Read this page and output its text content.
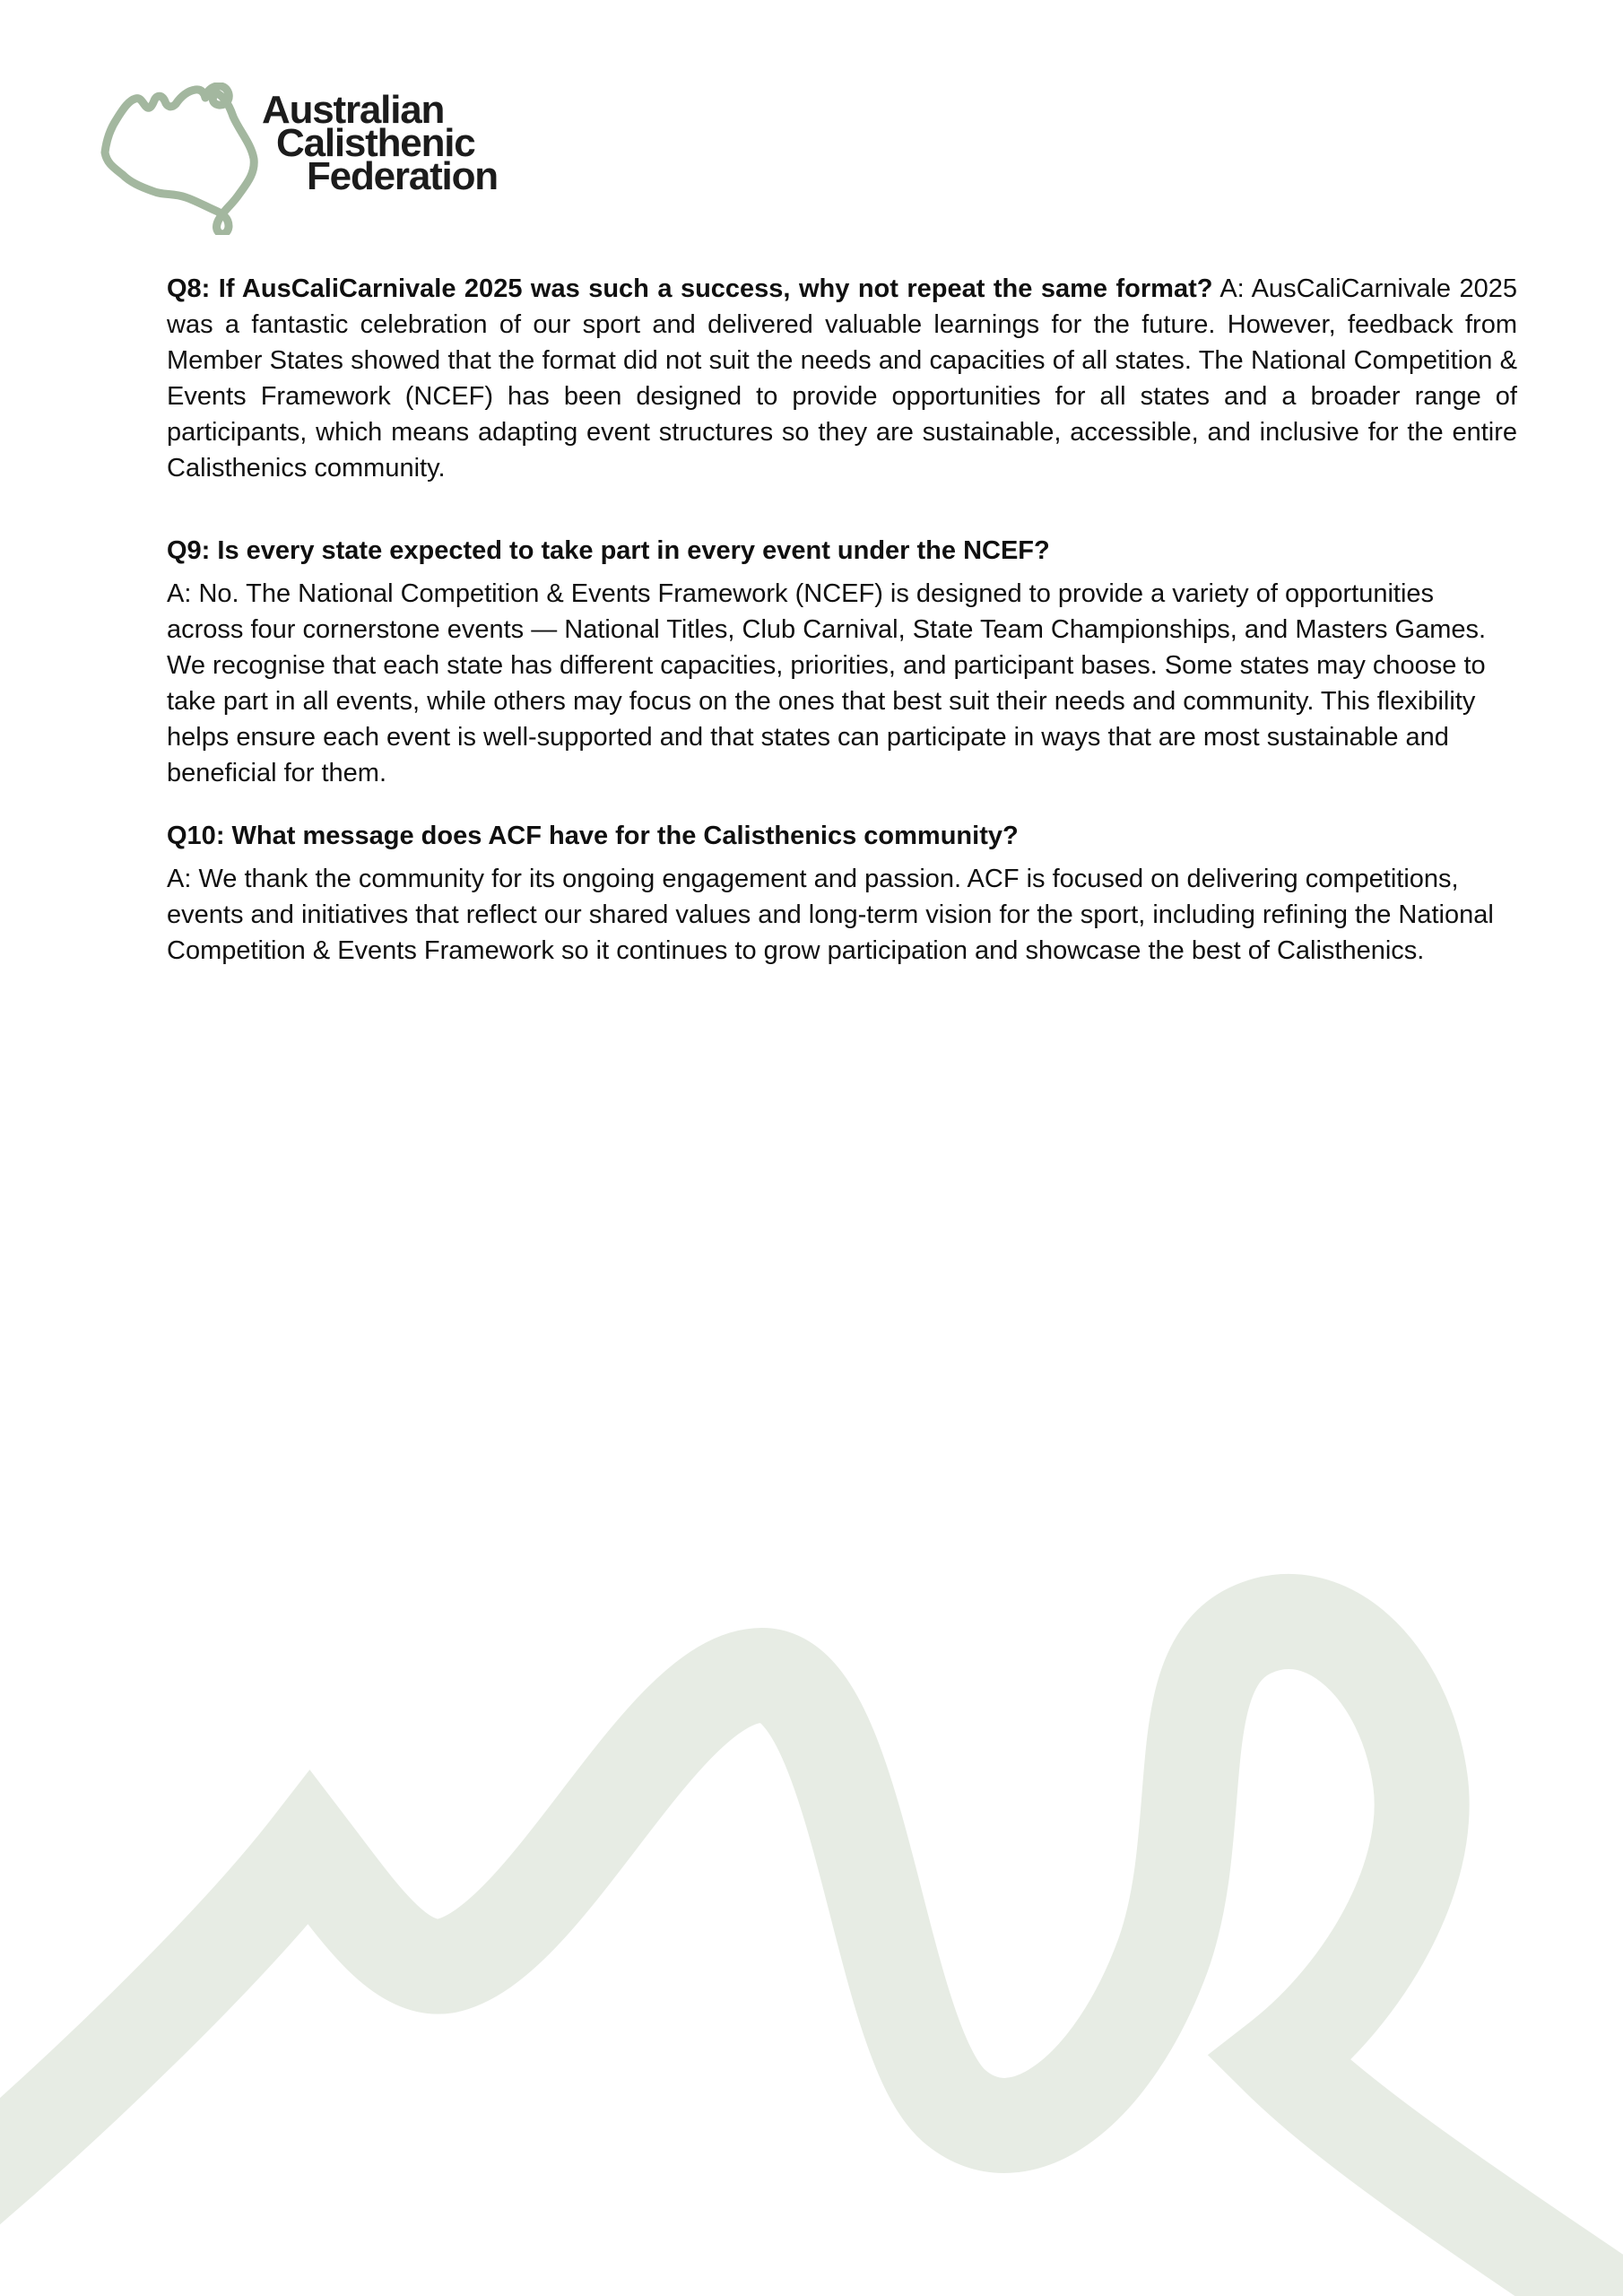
Australian
Calisthenic
Federation

Q8: If AusCaliCarnivale 2025 was such a success, why not repeat the same format? A: AusCaliCarnivale 2025 was a fantastic celebration of our sport and delivered valuable learnings for the future. However, feedback from Member States showed that the format did not suit the needs and capacities of all states. The National Competition & Events Framework (NCEF) has been designed to provide opportunities for all states and a broader range of participants, which means adapting event structures so they are sustainable, accessible, and inclusive for the entire Calisthenics community.

Q9: Is every state expected to take part in every event under the NCEF?

A: No. The National Competition & Events Framework (NCEF) is designed to provide a variety of opportunities across four cornerstone events — National Titles, Club Carnival, State Team Championships, and Masters Games. We recognise that each state has different capacities, priorities, and participant bases. Some states may choose to take part in all events, while others may focus on the ones that best suit their needs and community. This flexibility helps ensure each event is well-supported and that states can participate in ways that are most sustainable and beneficial for them.

Q10: What message does ACF have for the Calisthenics community?

A: We thank the community for its ongoing engagement and passion. ACF is focused on delivering competitions, events and initiatives that reflect our shared values and long-term vision for the sport, including refining the National Competition & Events Framework so it continues to grow participation and showcase the best of Calisthenics.
